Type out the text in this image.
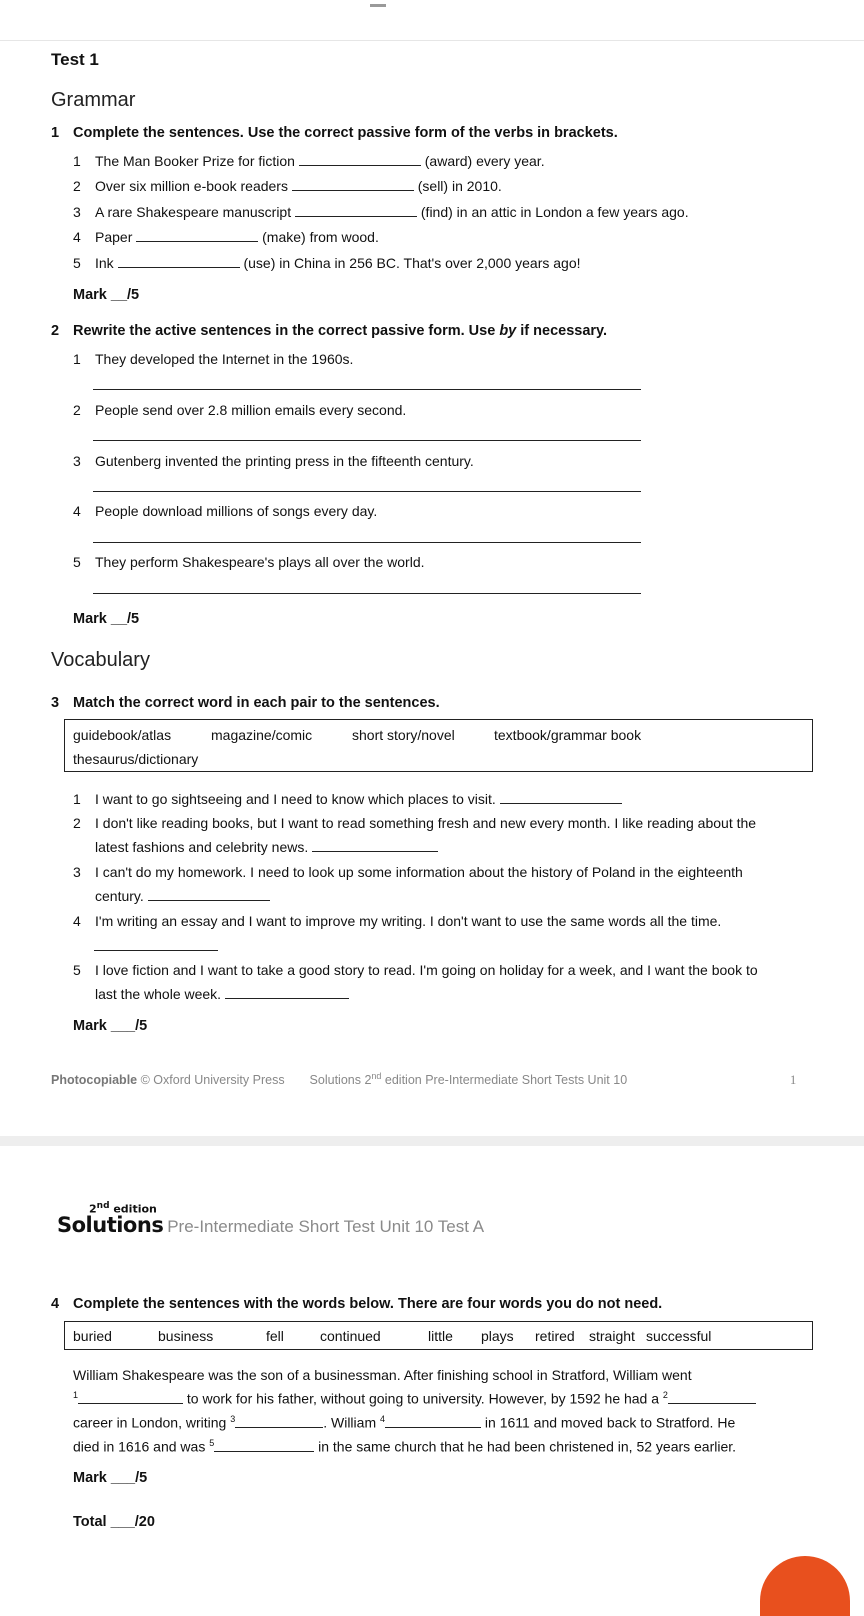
Test 1
Grammar
1 Complete the sentences. Use the correct passive form of the verbs in brackets.
1 The Man Booker Prize for fiction	(award) every year.
2 Over six million e-book readers	(sell) in 2010.
3 A rare Shakespeare manuscript	(find) in an attic in London a few years ago.
4 Paper	(make) from wood.
5 Ink	(use) in China in 256 BC. That's over 2,000 years ago!
Mark __/5
2 Rewrite the active sentences in the correct passive form. Use by if necessary.
1 They developed the Internet in the 1960s.
2 People send over 2.8 million emails every second.
3 Gutenberg invented the printing press in the fifteenth century.
4 People download millions of songs every day.
5 They perform Shakespeare's plays all over the world.
Mark __/5
Vocabulary
3 Match the correct word in each pair to the sentences.
guidebook/atlas	magazine/comic	short story/novel	textbook/grammar book
thesaurus/dictionary
1 I want to go sightseeing and I need to know which places to visit.
2 I don't like reading books, but I want to read something fresh and new every month. I like reading about the
latest fashions and celebrity news.
3 I can't do my homework. I need to look up some information about the history of Poland in the eighteenth
century.
4 I'm writing an essay and I want to improve my writing. I don't want to use the same words all the time.
5 I love fiction and I want to take a good story to read. I'm going on holiday for a week, and I want the book to
last the whole week.
Mark ___/5
Photocopiable © Oxford University Press Solutions 2nd edition Pre-Intermediate Short Tests Unit 10	1
2nd edition
Solutions Pre-Intermediate Short Test Unit 10 Test A
4 Complete the sentences with the words below. There are four words you do not need.
buried	business	fell	continued	little plays retired straight successful
William Shakespeare was the son of a businessman. After finishing school in Stratford, William went
$^1$	to work for his father, without going to university. However, by 1592 he had a $^2$
career in London, writing $^3$	. William $^4$	in 1611 and moved back to Stratford. He
died in 1616 and was $^5$	in the same church that he had been christened in, 52 years earlier.
Mark ___/5
Total ___/20
